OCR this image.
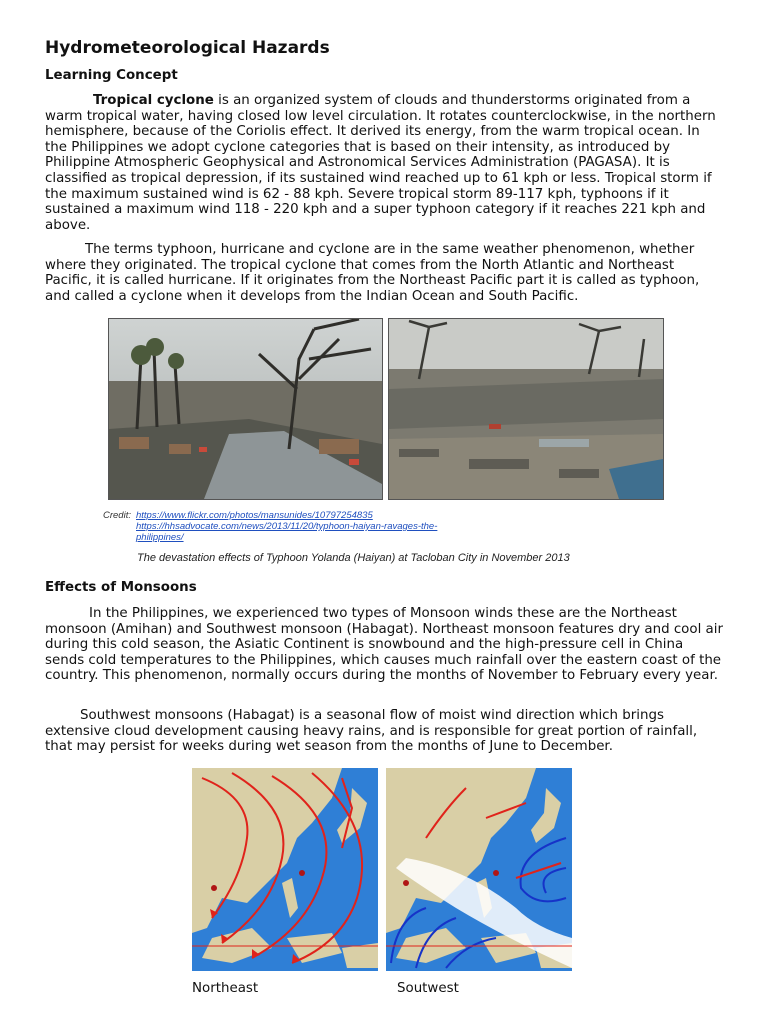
Hydrometeorological Hazards
Learning Concept

Tropical cyclone is an organized system of clouds and thunderstorms originated from a warm tropical water, having closed low level circulation. It rotates counterclockwise, in the northern hemisphere, because of the Coriolis effect. It derived its energy, from the warm tropical ocean. In the Philippines we adopt cyclone categories that is based on their intensity, as introduced by Philippine Atmospheric Geophysical and Astronomical Services Administration (PAGASA). It is classified as tropical depression, if its sustained wind reached up to 61 kph or less. Tropical storm if the maximum sustained wind is 62 - 88 kph. Severe tropical storm 89-117 kph, typhoons if it sustained a maximum wind 118 - 220 kph and a super typhoon category if it reaches 221 kph and above.

The terms typhoon, hurricane and cyclone are in the same weather phenomenon, whether where they originated. The tropical cyclone that comes from the North Atlantic and Northeast Pacific, it is called hurricane. If it originates from the Northeast Pacific part it is called as typhoon, and called a cyclone when it develops from the Indian Ocean and South Pacific.

Credit: https://www.flickr.com/photos/mansunides/10797254835
https://hhsadvocate.com/news/2013/11/20/typhoon-haiyan-ravages-the-philippines/
The devastation effects of Typhoon Yolanda (Haiyan) at Tacloban City in November 2013
Effects of Monsoons

In the Philippines, we experienced two types of Monsoon winds these are the Northeast monsoon (Amihan) and Southwest monsoon (Habagat). Northeast monsoon features dry and cool air during this cold season, the Asiatic Continent is snowbound and the high-pressure cell in China sends cold temperatures to the Philippines, which causes much rainfall over the eastern coast of the country. This phenomenon, normally occurs during the months of November to February every year.

Southwest monsoons (Habagat) is a seasonal flow of moist wind direction which brings extensive cloud development causing heavy rains, and is responsible for great portion of rainfall, that may persist for weeks during wet season from the months of June to December.

Northeast	Soutwest
